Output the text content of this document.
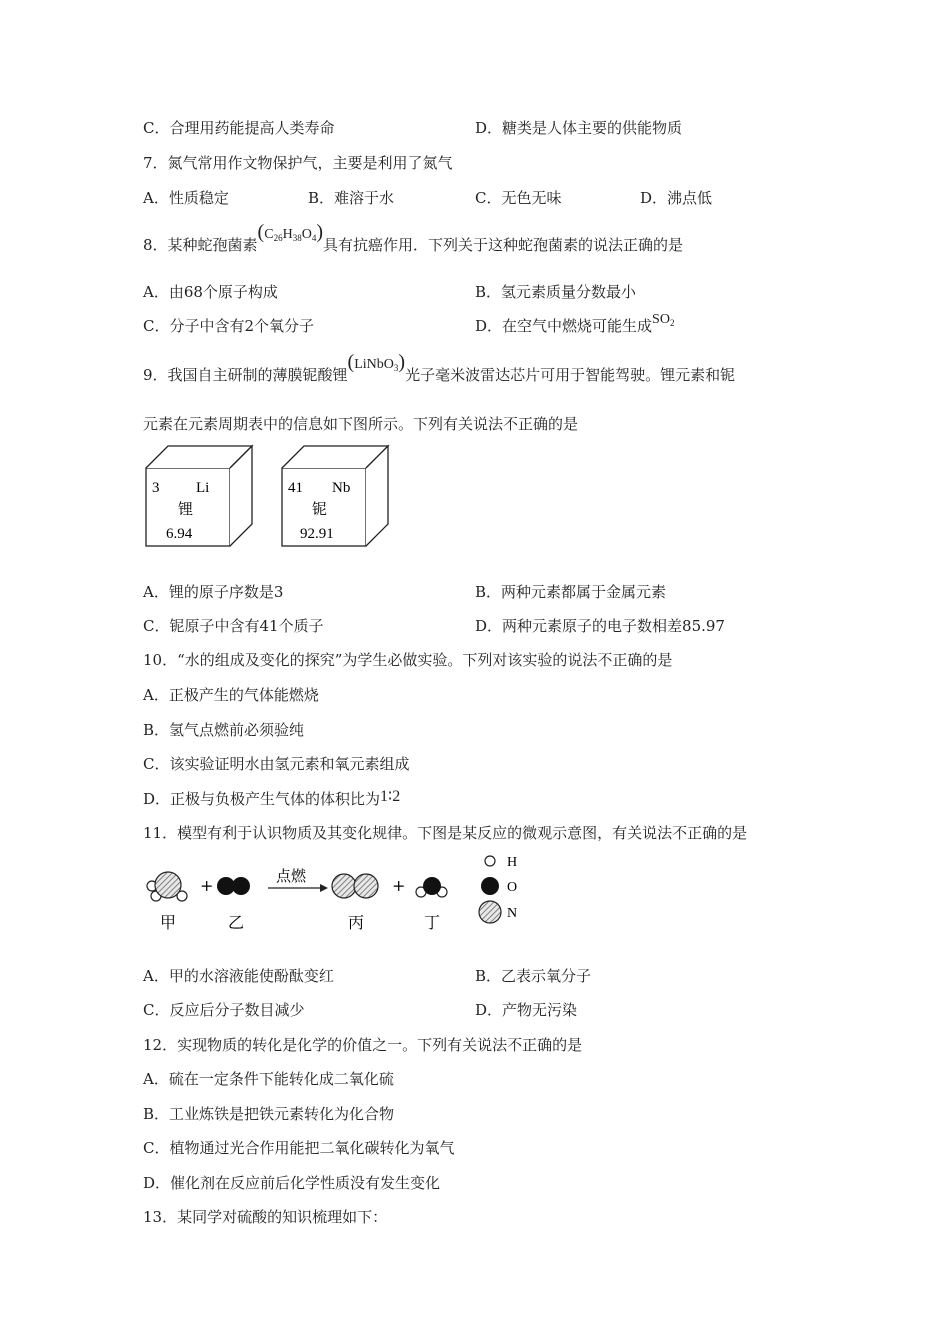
C．合理用药能提高人类寿命	D．糖类是人体主要的供能物质
7．氮气常用作文物保护气，主要是利用了氮气
A．性质稳定	B．难溶于水	C．无色无味	D．沸点低
8．某种蛇孢菌素$(C_{26}H_{38}O_4)$具有抗癌作用．下列关于这种蛇孢菌素的说法正确的是
A．由68个原子构成	B．氢元素质量分数最小
C．分子中含有2个氧分子	D．在空气中燃烧可能生成$SO_2$
9．我国自主研制的薄膜铌酸锂(LiNbO$_3$)光子毫米波雷达芯片可用于智能驾驶。锂元素和铌
元素在元素周期表中的信息如下图所示。下列有关说法不正确的是
3 Li
锂
6.94
41 Nb
铌
92.91
A．锂的原子序数是3	B．两种元素都属于金属元素
C．铌原子中含有41个质子	D．两种元素原子的电子数相差85.97
10．“水的组成及变化的探究”为学生必做实验。下列对该实验的说法不正确的是
A．正极产生的气体能燃烧
B．氢气点燃前必须验纯
C．该实验证明水由氢元素和氧元素组成
D．正极与负极产生气体的体积比为1∶2
11．模型有利于认识物质及其变化规律。下图是某反应的微观示意图，有关说法不正确的是
甲
+
乙
点燃
丙
+
丁
H
O
N
A．甲的水溶液能使酚酞变红	B．乙表示氧分子
C．反应后分子数目减少	D．产物无污染
12．实现物质的转化是化学的价值之一。下列有关说法不正确的是
A．硫在一定条件下能转化成二氧化硫
B．工业炼铁是把铁元素转化为化合物
C．植物通过光合作用能把二氧化碳转化为氧气
D．催化剂在反应前后化学性质没有发生变化
13．某同学对硫酸的知识梳理如下：
